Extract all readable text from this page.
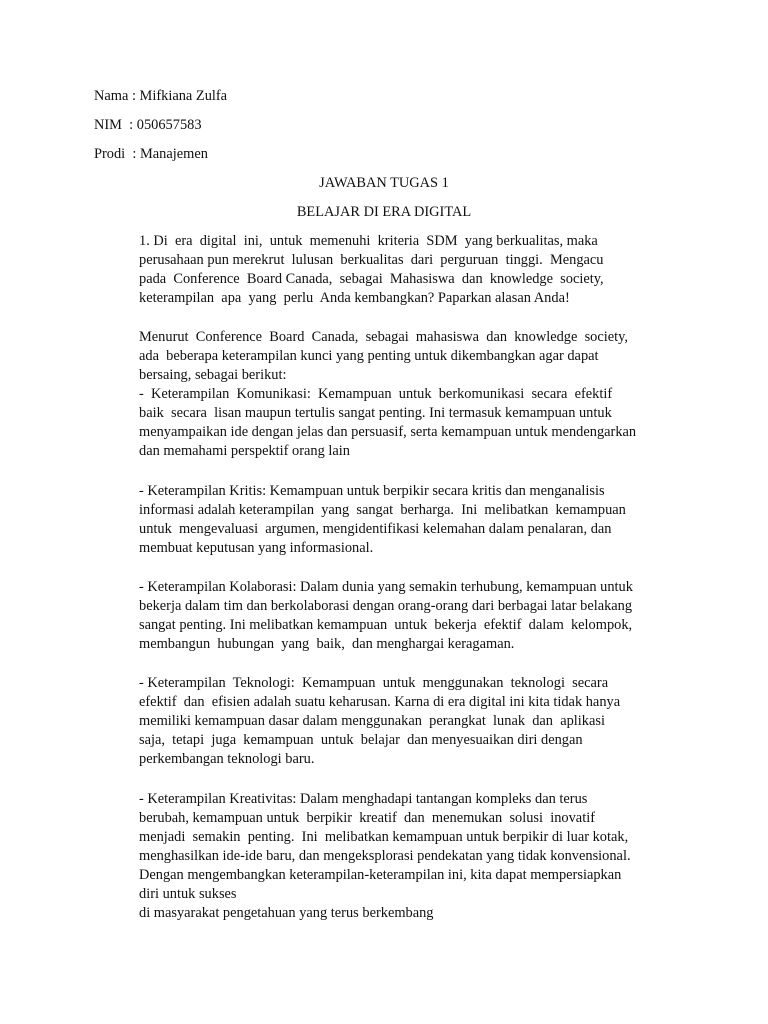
Nama : Mifkiana Zulfa
NIM  : 050657583
Prodi  : Manajemen
JAWABAN TUGAS 1
BELAJAR DI ERA DIGITAL
1. Di  era  digital  ini,  untuk  memenuhi  kriteria  SDM  yang berkualitas, maka
perusahaan pun merekrut  lulusan  berkualitas  dari  perguruan  tinggi.  Mengacu
pada  Conference  Board Canada,  sebagai  Mahasiswa  dan  knowledge  society,
keterampilan  apa  yang  perlu  Anda kembangkan? Paparkan alasan Anda!
Menurut  Conference  Board  Canada,  sebagai  mahasiswa  dan  knowledge  society,
ada  beberapa keterampilan kunci yang penting untuk dikembangkan agar dapat
bersaing, sebagai berikut:
-  Keterampilan  Komunikasi:  Kemampuan  untuk  berkomunikasi  secara  efektif
baik  secara  lisan maupun tertulis sangat penting. Ini termasuk kemampuan untuk
menyampaikan ide dengan jelas dan persuasif, serta kemampuan untuk mendengarkan
dan memahami perspektif orang lain
- Keterampilan Kritis: Kemampuan untuk berpikir secara kritis dan menganalisis
informasi adalah keterampilan  yang  sangat  berharga.  Ini  melibatkan  kemampuan
untuk  mengevaluasi  argumen, mengidentifikasi kelemahan dalam penalaran, dan
membuat keputusan yang informasional.
- Keterampilan Kolaborasi: Dalam dunia yang semakin terhubung, kemampuan untuk
bekerja dalam tim dan berkolaborasi dengan orang-orang dari berbagai latar belakang
sangat penting. Ini melibatkan kemampuan  untuk  bekerja  efektif  dalam  kelompok,
membangun  hubungan  yang  baik,  dan menghargai keragaman.
- Keterampilan  Teknologi:  Kemampuan  untuk  menggunakan  teknologi  secara
efektif  dan  efisien adalah suatu keharusan. Karna di era digital ini kita tidak hanya
memiliki kemampuan dasar dalam menggunakan  perangkat  lunak  dan  aplikasi
saja,  tetapi  juga  kemampuan  untuk  belajar  dan menyesuaikan diri dengan
perkembangan teknologi baru.
- Keterampilan Kreativitas: Dalam menghadapi tantangan kompleks dan terus
berubah, kemampuan untuk  berpikir  kreatif  dan  menemukan  solusi  inovatif
menjadi  semakin  penting.  Ini  melibatkan kemampuan untuk berpikir di luar kotak,
menghasilkan ide-ide baru, dan mengeksplorasi pendekatan yang tidak konvensional.
Dengan mengembangkan keterampilan-keterampilan ini, kita dapat mempersiapkan
diri untuk sukses
di masyarakat pengetahuan yang terus berkembang
